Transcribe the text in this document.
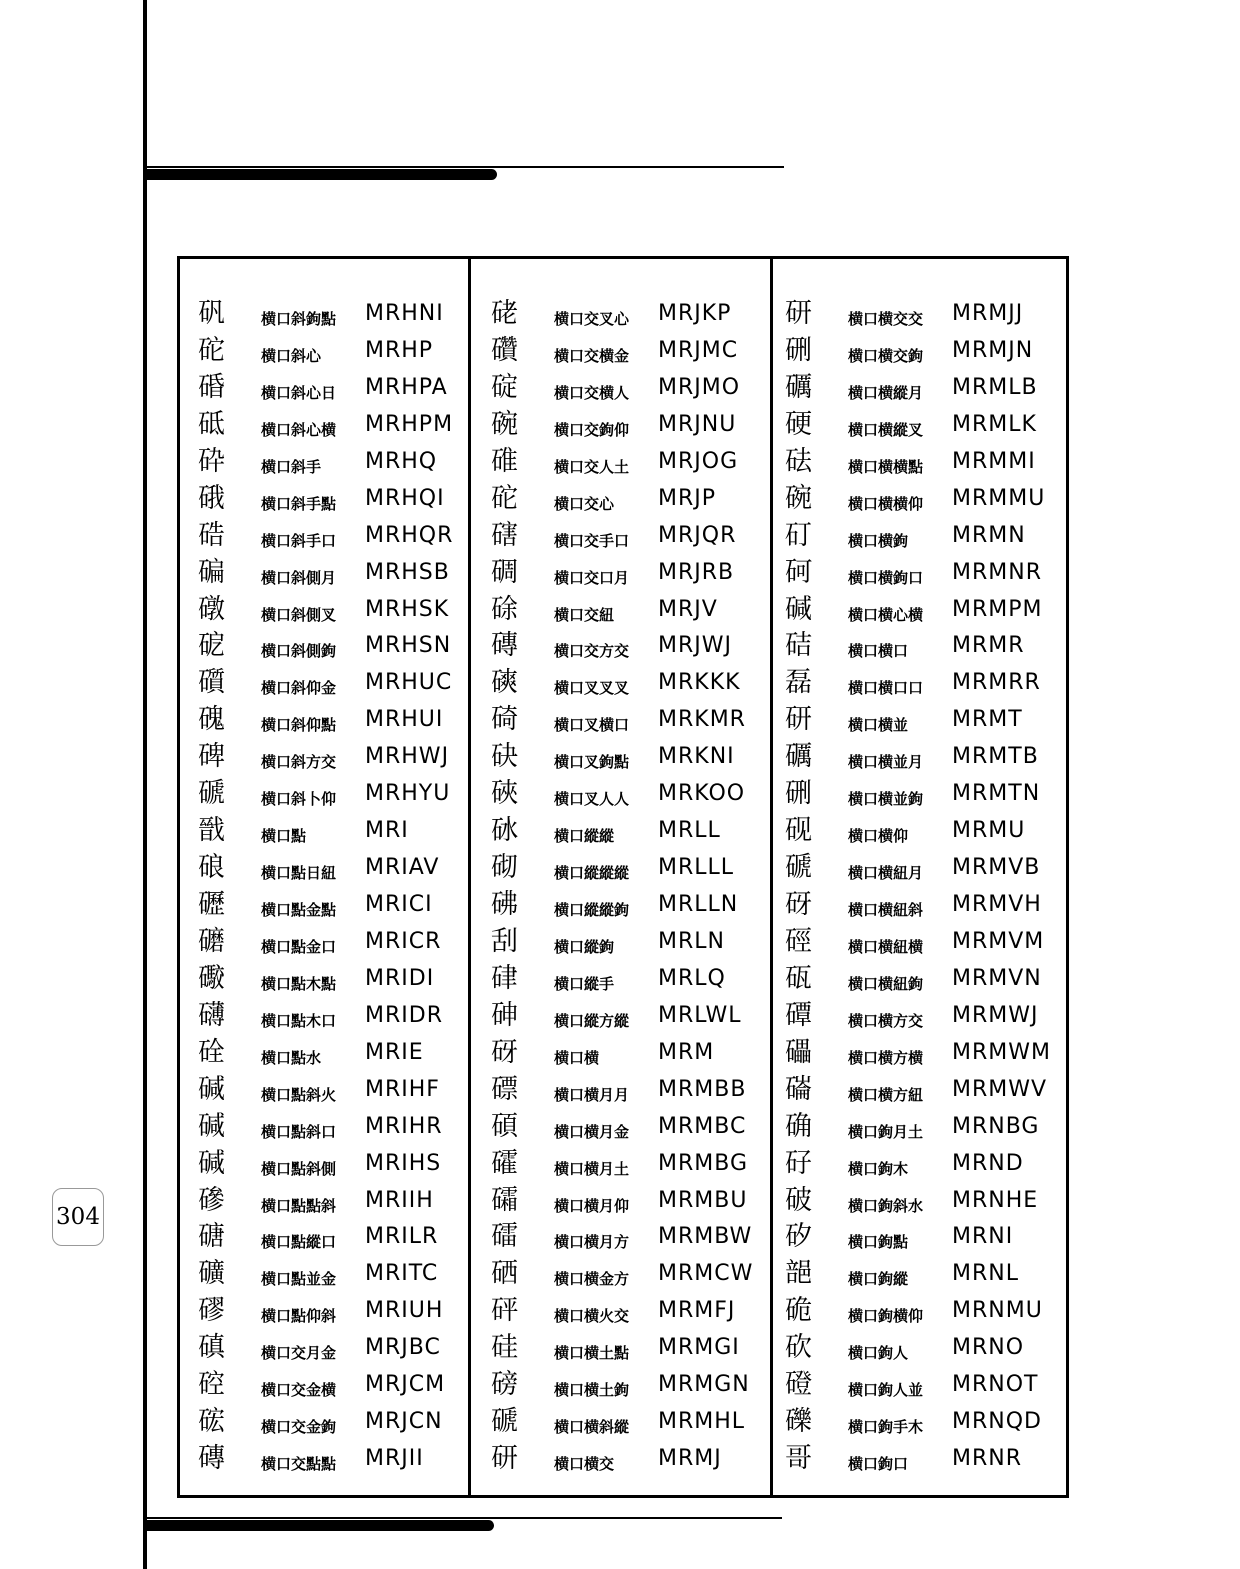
304
矾 横口斜鉤點 MRHNI
砣 横口斜心 MRHP
碈 横口斜心日 MRHPA
砥 横口斜心横 MRHPM
砕 横口斜手 MRHQ
硪 横口斜手點 MRHQI
硞 横口斜手口 MRHQR
碥 横口斜側月 MRHSB
礅 横口斜側叉 MRHSK
砨 横口斜側鉤 MRHSN
礩 横口斜仰金 MRHUC
磈 横口斜仰點 MRHUI
碑 横口斜方交 MRHWJ
磃 横口斜卜仰 MRHYU
戩 横口點	MRI
硠 横口點日紐 MRIAV
礰 横口點金點 MRICI
礳 横口點金口 MRICR
礮 横口點木點 MRIDI
礴 横口點木口 MRIDR
硂 横口點水 MRIE
碱 横口點斜火 MRIHF
碱 横口點斜口 MRIHR
碱 横口點斜側 MRIHS
磣 横口點點斜 MRIIH
磄 横口點縱口 MRILR
礦 横口點並金 MRITC
磟 横口點仰斜 MRIUH
磌 横口交月金 MRJBC
硿 横口交金横 MRJCM
硡 横口交金鉤 MRJCN
磚 横口交點點 MRJII
硓 横口交叉心 MRJKP
礸 横口交横金 MRJMC
碇 横口交横人 MRJMO
碗 横口交鉤仰 MRJNU
碓 横口交人土 MRJOG
砣 横口交心 MRJP
磍 横口交手口 MRJQR
碉 横口交口月 MRJRB
硢 横口交紐 MRJV
磚 横口交方交 MRJWJ
磢 横口叉叉叉 MRKKK
碕 横口叉横口 MRKMR
砄 横口叉鉤點 MRKNI
硤 横口叉人人 MRKOO
砅 横口縱縱 MRLL
砌 横口縱縱縱 MRLLL
砩 横口縱縱鉤 MRLLN
刮 横口縱鉤 MRLN
硉 横口縱手 MRLQ
砷 横口縱方縱 MRLWL
砑 横口横	MRM
磦 横口横月月 MRMBB
碩 横口横月金 MRMBC
礭 横口横月土 MRMBG
礵 横口横月仰 MRMBU
礌 横口横月方 MRMBW
硒 横口横金方 MRMCW
砰 横口横火交 MRMFJ
硅 横口横土點 MRMGI
磅 横口横土鉤 MRMGN
磃 横口横斜縱 MRMHL
研 横口横交 MRMJ
研 横口横交交 MRMJJ
硎 横口横交鉤 MRMJN
礪 横口横縱月 MRMLB
硬 横口横縱叉 MRMLK
砝 横口横横點 MRMMI
碗 横口横横仰 MRMMU
矴 横口横鉤 MRMN
砢 横口横鉤口 MRMNR
碱 横口横心横 MRMPM
硈 横口横口 MRMR
磊 横口横口口 MRMRR
研 横口横並 MRMT
礪 横口横並月 MRMTB
硎 横口横並鉤 MRMTN
砚 横口横仰 MRMU
磃 横口横紐月 MRMVB
砑 横口横紐斜 MRMVH
硜 横口横紐横 MRMVM
砙 横口横紐鉤 MRMVN
磹 横口横方交 MRMWJ
礧 横口横方横 MRMWM
磮 横口横方紐 MRMWV
确 横口鉤月土 MRNBG
矷 横口鉤木 MRND
破 横口鉤斜水 MRNHE
矽 横口鉤點 MRNI
郶 横口鉤縱 MRNL
硊 横口鉤横仰 MRNMU
砍 横口鉤人 MRNO
磴 横口鉤人並 MRNOT
礫 横口鉤手木 MRNQD
哥 横口鉤口 MRNR
